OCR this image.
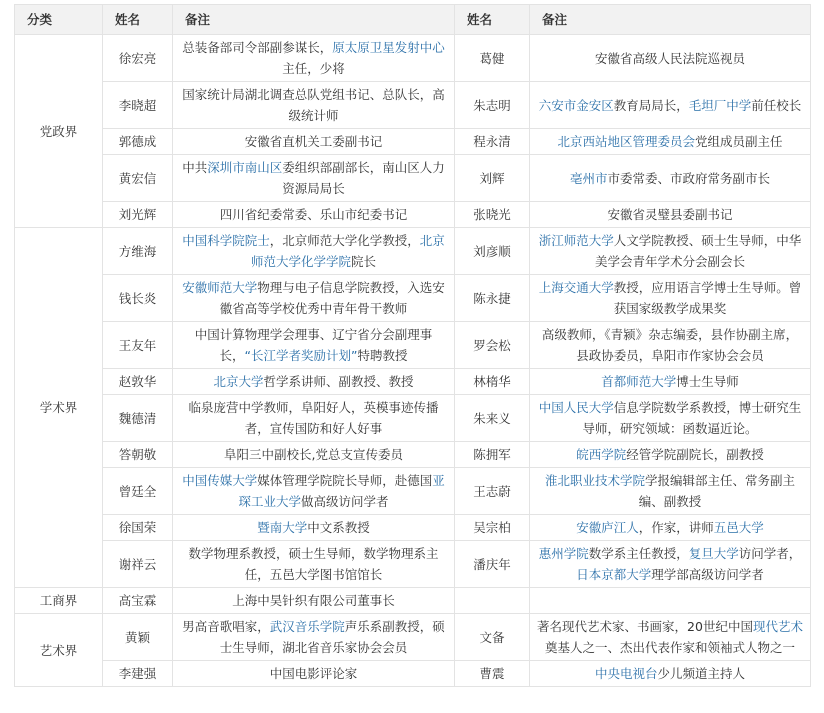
分类	姓名	备注	姓名	备注
党政界	徐宏亮	总装备部司令部副参谋长，原太原卫星发射中心主任，少将	葛健	安徽省高级人民法院巡视员
	李晓超	国家统计局湖北调查总队党组书记、总队长，高级统计师	朱志明	六安市金安区教育局局长，毛坦厂中学前任校长
	郭德成	安徽省直机关工委副书记	程永清	北京西站地区管理委员会党组成员副主任
	黄宏信	中共深圳市南山区委组织部副部长，南山区人力资源局局长	刘辉	亳州市市委常委、市政府常务副市长
	刘光辉	四川省纪委常委、乐山市纪委书记	张晓光	安徽省灵璧县委副书记
学术界	方维海	中国科学院院士，北京师范大学化学教授，北京师范大学化学学院院长	刘彦顺	浙江师范大学人文学院教授、硕士生导师，中华美学会青年学术分会副会长
	钱长炎	安徽师范大学物理与电子信息学院教授，入选安徽省高等学校优秀中青年骨干教师	陈永捷	上海交通大学教授，应用语言学博士生导师。曾获国家级教学成果奖
	王友年	中国计算物理学会理事、辽宁省分会副理事长，“长江学者奖励计划”特聘教授	罗会松	高级教师，《青颍》杂志编委，县作协副主席，县政协委员，阜阳市作家协会会员
	赵敦华	北京大学哲学系讲师、副教授、教授	林楕华	首都师范大学博士生导师
	魏德清	临泉庞营中学教师，阜阳好人，英模事迹传播者，宣传国防和好人好事	朱来义	中国人民大学信息学院数学系教授，博士研究生导师，研究领域：函数逼近论。
	答朝敬	阜阳三中副校长,党总支宣传委员	陈拥军	皖西学院经管学院副院长，副教授
	曾廷全	中国传媒大学媒体管理学院院长导师，赴德国亚琛工业大学做高级访问学者	王志蔚	淮北职业技术学院学报编辑部主任、常务副主编、副教授
	徐国荣	暨南大学中文系教授	吴宗柏	安徽庐江人，作家，讲师五邑大学
	谢祥云	数学物理系教授，硕士生导师，数学物理系主任，五邑大学图书馆馆长	潘庆年	惠州学院数学系主任教授，复旦大学访问学者，日本京都大学理学部高级访问学者
工商界	高宝霖	上海中昊针织有限公司董事长		
艺术界	黄颖	男高音歌唱家，武汉音乐学院声乐系副教授，硕士生导师，湖北省音乐家协会会员	文备	著名现代艺术家、书画家，20世纪中国现代艺术奠基人之一、杰出代表作家和领袖式人物之一
	李建强	中国电影评论家	曹震	中央电视台少儿频道主持人
